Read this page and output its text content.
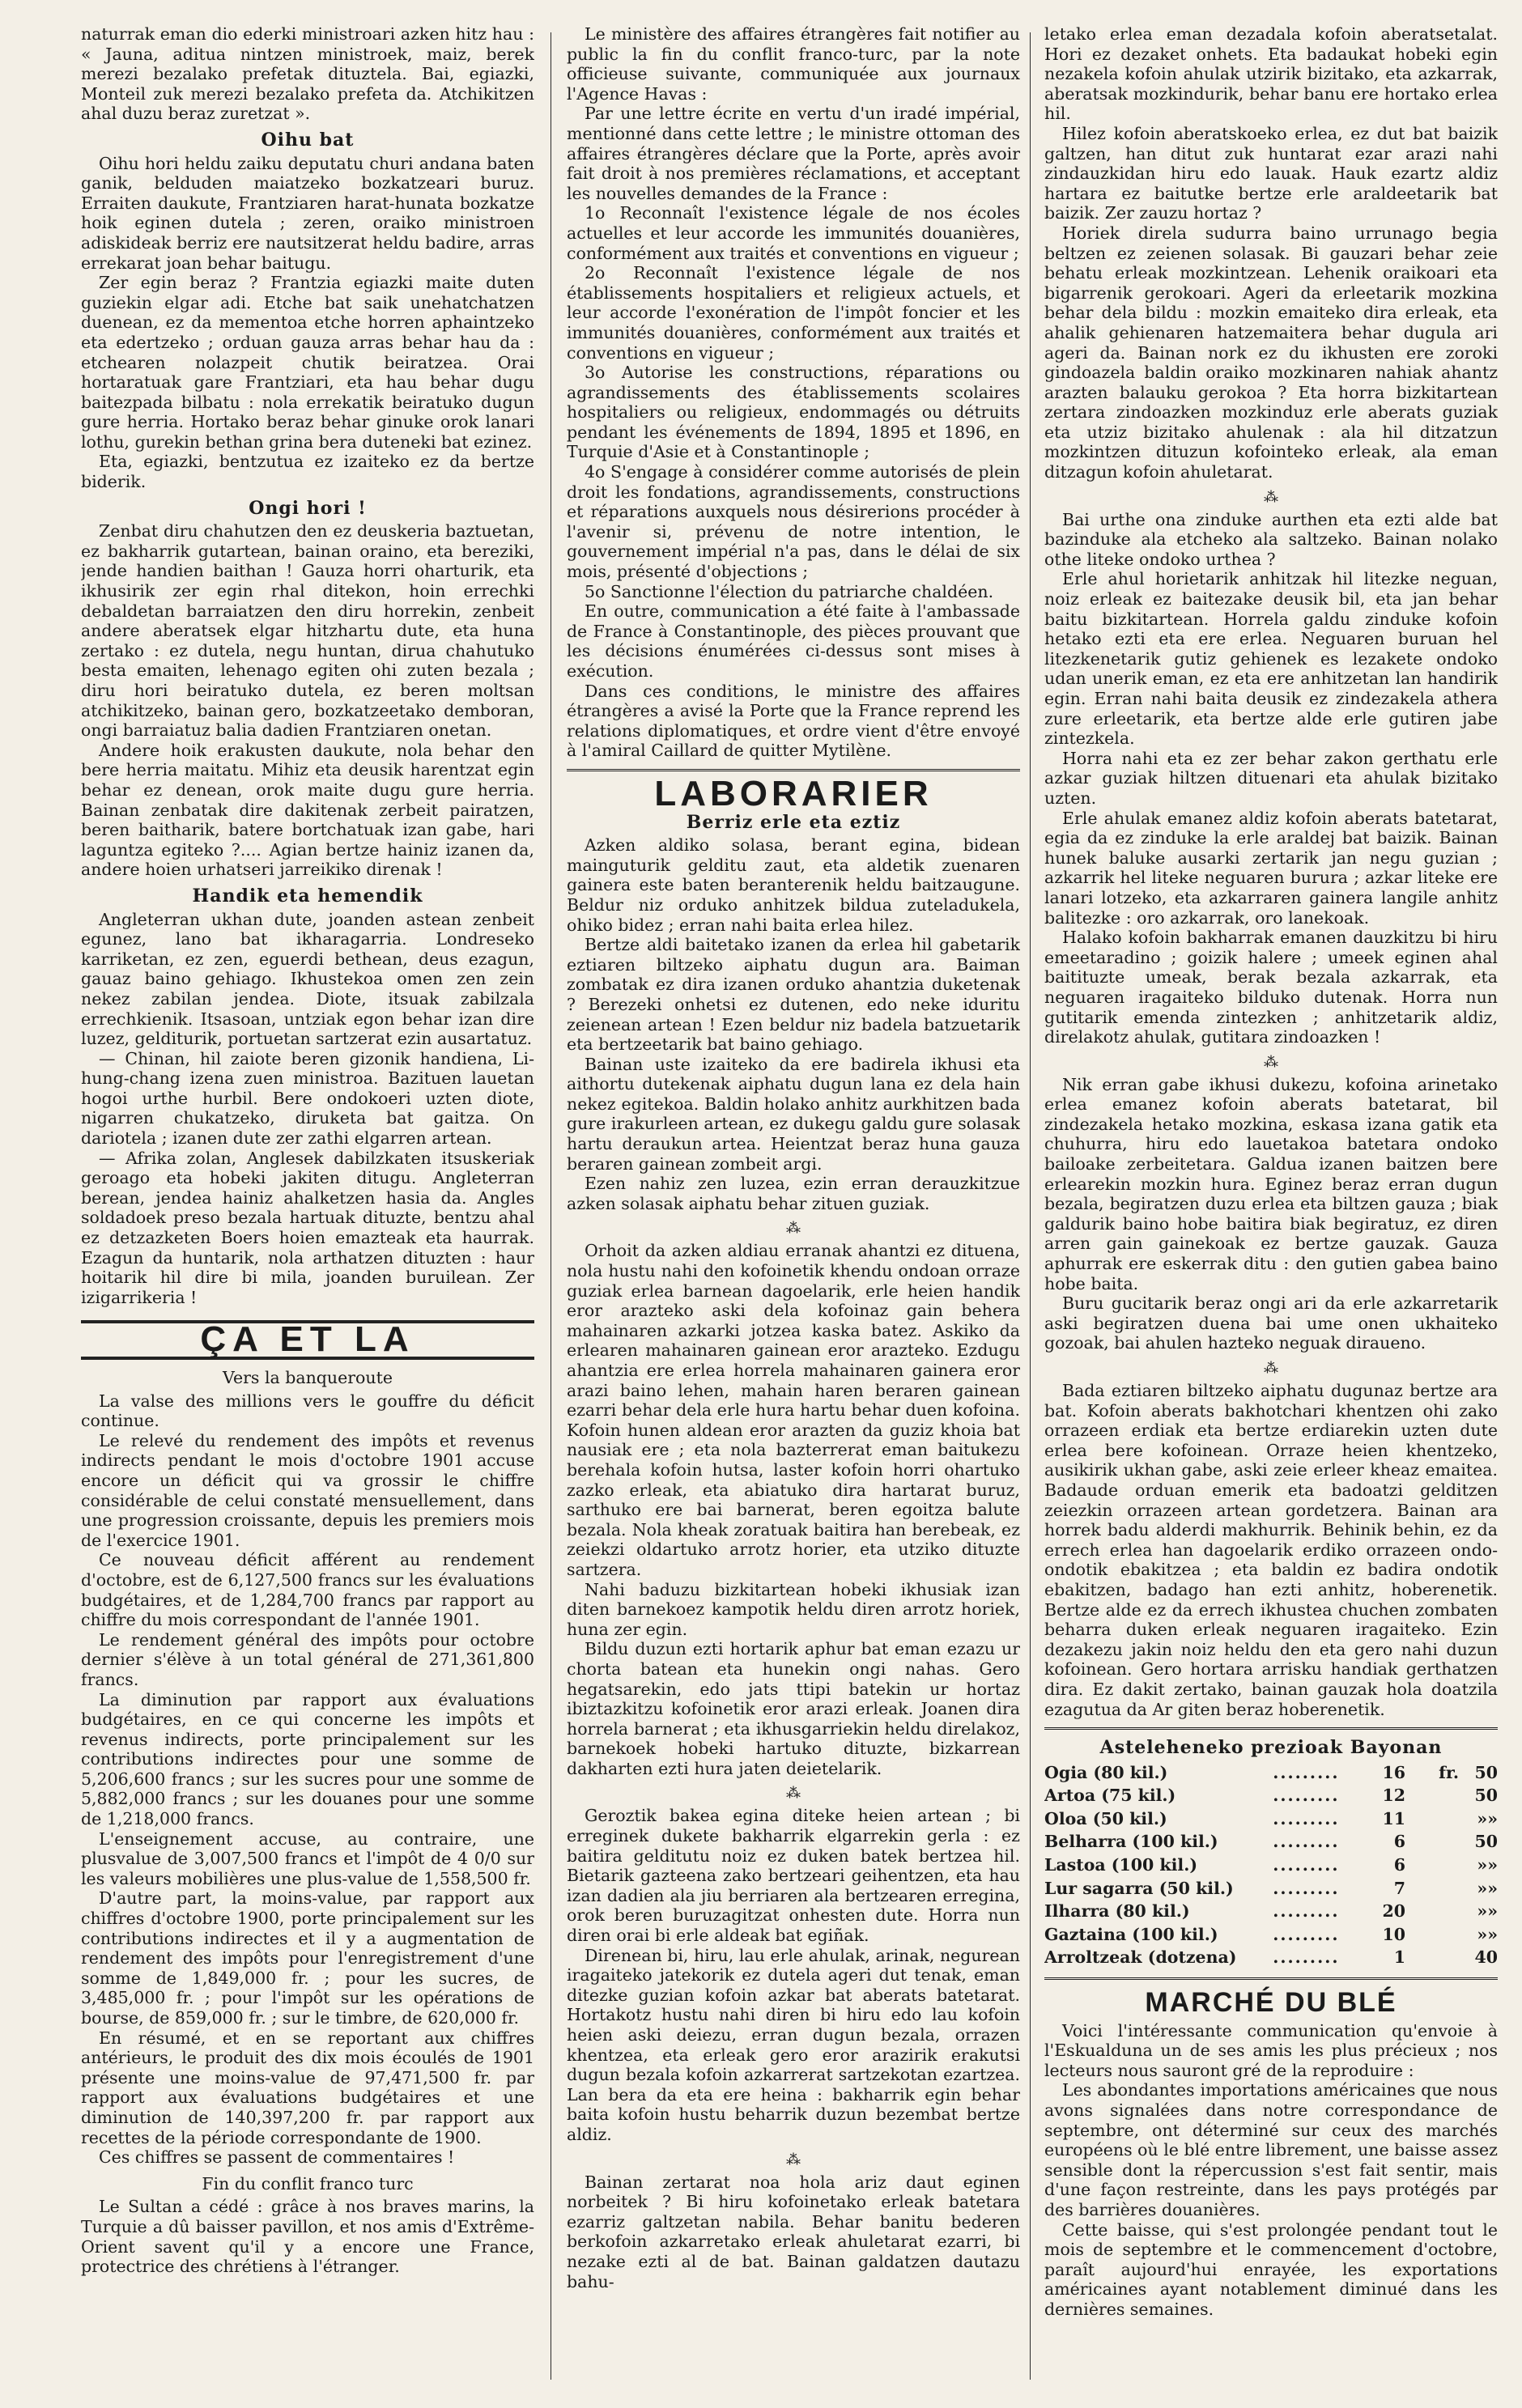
naturrak eman dio ederki ministroari azken hitz hau : « Jauna, aditua nintzen ministroek, maiz, berek merezi bezalako prefetak dituztela. Bai, egiazki, Monteil zuk merezi bezalako prefeta da. Atchikitzen ahal duzu beraz zuretzat ».

Oihu bat

Oihu hori heldu zaiku deputatu churi andana baten ganik, belduden maiatzeko bozkatzeari buruz. Erraiten daukute, Frantziaren harat-hunata bozkatze hoik eginen dutela ; zeren, oraiko ministroen adiskideak berriz ere nautsitzerat heldu badire, arras errekarat joan behar baitugu.

Zer egin beraz ? Frantzia egiazki maite duten guziekin elgar adi. Etche bat saik unehatchatzen duenean, ez da mementoa etche horren aphaintzeko eta edertzeko ; orduan gauza arras behar hau da : etchearen nolazpeit chutik beiratzea. Orai hortaratuak gare Frantziari, eta hau behar dugu baitezpada bilbatu : nola errekatik beiratuko dugun gure herria. Hortako beraz behar ginuke orok lanari lothu, gurekin bethan grina bera duteneki bat ezinez.

Eta, egiazki, bentzutua ez izaiteko ez da bertze biderik.

Ongi hori !

Zenbat diru chahutzen den ez deuskeria baztuetan, ez bakharrik gutartean, bainan oraino, eta bereziki, jende handien baithan ! Gauza horri oharturik, eta ikhusirik zer egin rhal ditekon, hoin errechki debaldetan barraiatzen den diru horrekin, zenbeit andere aberatsek elgar hitzhartu dute, eta huna zertako : ez dutela, negu huntan, dirua chahutuko besta emaiten, lehenago egiten ohi zuten bezala ; diru hori beiratuko dutela, ez beren moltsan atchikitzeko, bainan gero, bozkatzeetako demboran, ongi barraiatuz balia dadien Frantziaren onetan.

Andere hoik erakusten daukute, nola behar den bere herria maitatu. Mihiz eta deusik harentzat egin behar ez denean, orok maite dugu gure herria. Bainan zenbatak dire dakitenak zerbeit pairatzen, beren baitharik, batere bortchatuak izan gabe, hari laguntza egiteko ?.... Agian bertze hainiz izanen da, andere hoien urhatseri jarreikiko direnak !

Handik eta hemendik

Angleterran ukhan dute, joanden astean zenbeit egunez, lano bat ikharagarria. Londreseko karriketan, ez zen, eguerdi bethean, deus ezagun, gauaz baino gehiago. Ikhustekoa omen zen zein nekez zabilan jendea. Diote, itsuak zabilzala errechkienik. Itsasoan, untziak egon behar izan dire luzez, gelditurik, portuetan sartzerat ezin ausartatuz.

— Chinan, hil zaiote beren gizonik handiena, Li-hung-chang izena zuen ministroa. Bazituen lauetan hogoi urthe hurbil. Bere ondokoeri uzten diote, nigarren chukatzeko, diruketa bat gaitza. On dariotela ; izanen dute zer zathi elgarren artean.

— Afrika zolan, Anglesek dabilzkaten itsuskeriak geroago eta hobeki jakiten ditugu. Angleterran berean, jendea hainiz ahalketzen hasia da. Angles soldadoek preso bezala hartuak dituzte, bentzu ahal ez detzazketen Boers hoien emazteak eta haurrak. Ezagun da huntarik, nola arthatzen dituzten : haur hoitarik hil dire bi mila, joanden buruilean. Zer izigarrikeria !

ÇA ET LA
Vers la banqueroute

La valse des millions vers le gouffre du déficit continue.

Le relevé du rendement des impôts et revenus indirects pendant le mois d'octobre 1901 accuse encore un déficit qui va grossir le chiffre considérable de celui constaté mensuellement, dans une progression croissante, depuis les premiers mois de l'exercice 1901.

Ce nouveau déficit afférent au rendement d'octobre, est de 6,127,500 francs sur les évaluations budgétaires, et de 1,284,700 francs par rapport au chiffre du mois correspondant de l'année 1901.

Le rendement général des impôts pour octobre dernier s'élève à un total général de 271,361,800 francs.

La diminution par rapport aux évaluations budgétaires, en ce qui concerne les impôts et revenus indirects, porte principalement sur les contributions indirectes pour une somme de 5,206,600 francs ; sur les sucres pour une somme de 5,882,000 francs ; sur les douanes pour une somme de 1,218,000 francs.

L'enseignement accuse, au contraire, une plusvalue de 3,007,500 francs et l'impôt de 4 0/0 sur les valeurs mobilières une plus-value de 1,558,500 fr.

D'autre part, la moins-value, par rapport aux chiffres d'octobre 1900, porte principalement sur les contributions indirectes et il y a augmentation de rendement des impôts pour l'enregistrement d'une somme de 1,849,000 fr. ; pour les sucres, de 3,485,000 fr. ; pour l'impôt sur les opérations de bourse, de 859,000 fr. ; sur le timbre, de 620,000 fr.

En résumé, et en se reportant aux chiffres antérieurs, le produit des dix mois écoulés de 1901 présente une moins-value de 97,471,500 fr. par rapport aux évaluations budgétaires et une diminution de 140,397,200 fr. par rapport aux recettes de la période correspondante de 1900.

Ces chiffres se passent de commentaires !

Fin du conflit franco turc

Le Sultan a cédé : grâce à nos braves marins, la Turquie a dû baisser pavillon, et nos amis d'Extrême-Orient savent qu'il y a encore une France, protectrice des chrétiens à l'étranger.

Le ministère des affaires étrangères fait notifier au public la fin du conflit franco-turc, par la note officieuse suivante, communiquée aux journaux l'Agence Havas :

Par une lettre écrite en vertu d'un iradé impérial, mentionné dans cette lettre ; le ministre ottoman des affaires étrangères déclare que la Porte, après avoir fait droit à nos premières réclamations, et acceptant les nouvelles demandes de la France :

1o Reconnaît l'existence légale de nos écoles actuelles et leur accorde les immunités douanières, conformément aux traités et conventions en vigueur ;

2o Reconnaît l'existence légale de nos établissements hospitaliers et religieux actuels, et leur accorde l'exonération de l'impôt foncier et les immunités douanières, conformément aux traités et conventions en vigueur ;

3o Autorise les constructions, réparations ou agrandissements des établissements scolaires hospitaliers ou religieux, endommagés ou détruits pendant les événements de 1894, 1895 et 1896, en Turquie d'Asie et à Constantinople ;

4o S'engage à considérer comme autorisés de plein droit les fondations, agrandissements, constructions et réparations auxquels nous désirerions procéder à l'avenir si, prévenu de notre intention, le gouvernement impérial n'a pas, dans le délai de six mois, présenté d'objections ;

5o Sanctionne l'élection du patriarche chaldéen.

En outre, communication a été faite à l'ambassade de France à Constantinople, des pièces prouvant que les décisions énumérées ci-dessus sont mises à exécution.

Dans ces conditions, le ministre des affaires étrangères a avisé la Porte que la France reprend les relations diplomatiques, et ordre vient d'être envoyé à l'amiral Caillard de quitter Mytilène.

LABORARIER
Berriz erle eta eztiz

Azken aldiko solasa, berant egina, bidean mainguturik gelditu zaut, eta aldetik zuenaren gainera este baten beranterenik heldu baitzaugune. Beldur niz orduko anhitzek bildua zuteladukela, ohiko bidez ; erran nahi baita erlea hilez.

Bertze aldi baitetako izanen da erlea hil gabetarik eztiaren biltzeko aiphatu dugun ara. Baiman zombatak ez dira izanen orduko ahantzia duketenak ? Berezeki onhetsi ez dutenen, edo neke iduritu zeienean artean ! Ezen beldur niz badela batzuetarik eta bertzeetarik bat baino gehiago.

Bainan uste izaiteko da ere badirela ikhusi eta aithortu dutekenak aiphatu dugun lana ez dela hain nekez egitekoa. Baldin holako anhitz aurkhitzen bada gure irakurleen artean, ez dukegu galdu gure solasak hartu deraukun artea. Heientzat beraz huna gauza beraren gainean zombeit argi.

Ezen nahiz zen luzea, ezin erran derauzkitzue azken solasak aiphatu behar zituen guziak.

⁂

Orhoit da azken aldiau erranak ahantzi ez dituena, nola hustu nahi den kofoinetik khendu ondoan orraze guziak erlea barnean dagoelarik, erle heien handik eror arazteko aski dela kofoinaz gain behera mahainaren azkarki jotzea kaska batez. Askiko da erlearen mahainaren gainean eror arazteko. Ezdugu ahantzia ere erlea horrela mahainaren gainera eror arazi baino lehen, mahain haren beraren gainean ezarri behar dela erle hura hartu behar duen kofoina. Kofoin hunen aldean eror arazten da guziz khoia bat nausiak ere ; eta nola bazterrerat eman baitukezu berehala kofoin hutsa, laster kofoin horri ohartuko zazko erleak, eta abiatuko dira hartarat buruz, sarthuko ere bai barnerat, beren egoitza balute bezala. Nola kheak zoratuak baitira han berebeak, ez zeiekzi oldartuko arrotz horier, eta utziko dituzte sartzera.

Nahi baduzu bizkitartean hobeki ikhusiak izan diten barnekoez kampotik heldu diren arrotz horiek, huna zer egin.

Bildu duzun ezti hortarik aphur bat eman ezazu ur chorta batean eta hunekin ongi nahas. Gero hegatsarekin, edo jats ttipi batekin ur hortaz ibiztazkitzu kofoinetik eror arazi erleak. Joanen dira horrela barnerat ; eta ikhusgarriekin heldu direlakoz, barnekoek hobeki hartuko dituzte, bizkarrean dakharten ezti hura jaten deietelarik.

⁂

Geroztik bakea egina diteke heien artean ; bi erreginek dukete bakharrik elgarrekin gerla : ez baitira gelditutu noiz ez duken batek bertzea hil. Bietarik gazteena zako bertzeari geihentzen, eta hau izan dadien ala jiu berriaren ala bertzearen erregina, orok beren buruzagitzat onhesten dute. Horra nun diren orai bi erle aldeak bat egiñak.

Direnean bi, hiru, lau erle ahulak, arinak, negurean iragaiteko jatekorik ez dutela ageri dut tenak, eman ditezke guzian kofoin azkar bat aberats batetarat. Hortakotz hustu nahi diren bi hiru edo lau kofoin heien aski deiezu, erran dugun bezala, orrazen khentzea, eta erleak gero eror arazirik erakutsi dugun bezala kofoin azkarrerat sartzekotan ezartzea. Lan bera da eta ere heina : bakharrik egin behar baita kofoin hustu beharrik duzun bezembat bertze aldiz.

⁂

Bainan zertarat noa hola ariz daut eginen norbeitek ? Bi hiru kofoinetako erleak batetara ezarriz galtzetan nabila. Behar banitu bederen berkofoin azkarretako erleak ahuletarat ezarri, bi nezake ezti al de bat. Bainan galdatzen dautazu bahu-

letako erlea eman dezadala kofoin aberatsetalat. Hori ez dezaket onhets. Eta badaukat hobeki egin nezakela kofoin ahulak utzirik bizitako, eta azkarrak, aberatsak mozkindurik, behar banu ere hortako erlea hil.

Hilez kofoin aberatskoeko erlea, ez dut bat baizik galtzen, han ditut zuk huntarat ezar arazi nahi zindauzkidan hiru edo lauak. Hauk ezartz aldiz hartara ez baitutke bertze erle araldeetarik bat baizik. Zer zauzu hortaz ?

Horiek direla sudurra baino urrunago begia beltzen ez zeienen solasak. Bi gauzari behar zeie behatu erleak mozkintzean. Lehenik oraikoari eta bigarrenik gerokoari. Ageri da erleetarik mozkina behar dela bildu : mozkin emaiteko dira erleak, eta ahalik gehienaren hatzemaitera behar dugula ari ageri da. Bainan nork ez du ikhusten ere zoroki gindoazela baldin oraiko mozkinaren nahiak ahantz arazten balauku gerokoa ? Eta horra bizkitartean zertara zindoazken mozkinduz erle aberats guziak eta utziz bizitako ahulenak : ala hil ditzatzun mozkintzen dituzun kofointeko erleak, ala eman ditzagun kofoin ahuletarat.

⁂

Bai urthe ona zinduke aurthen eta ezti alde bat bazinduke ala etcheko ala saltzeko. Bainan nolako othe liteke ondoko urthea ?

Erle ahul horietarik anhitzak hil litezke neguan, noiz erleak ez baitezake deusik bil, eta jan behar baitu bizkitartean. Horrela galdu zinduke kofoin hetako ezti eta ere erlea. Neguaren buruan hel litezkenetarik gutiz gehienek es lezakete ondoko udan unerik eman, ez eta ere anhitzetan lan handirik egin. Erran nahi baita deusik ez zindezakela athera zure erleetarik, eta bertze alde erle gutiren jabe zintezkela.

Horra nahi eta ez zer behar zakon gerthatu erle azkar guziak hiltzen dituenari eta ahulak bizitako uzten.

Erle ahulak emanez aldiz kofoin aberats batetarat, egia da ez zinduke la erle araldej bat baizik. Bainan hunek baluke ausarki zertarik jan negu guzian ; azkarrik hel liteke neguaren burura ; azkar liteke ere lanari lotzeko, eta azkarraren gainera langile anhitz balitezke : oro azkarrak, oro lanekoak.

Halako kofoin bakharrak emanen dauzkitzu bi hiru emeetaradino ; goizik halere ; umeek eginen ahal baitituzte umeak, berak bezala azkarrak, eta neguaren iragaiteko bilduko dutenak. Horra nun gutitarik emenda zintezken ; anhitzetarik aldiz, direlakotz ahulak, gutitara zindoazken !

⁂

Nik erran gabe ikhusi dukezu, kofoina arinetako erlea emanez kofoin aberats batetarat, bil zindezakela hetako mozkina, eskasa izana gatik eta chuhurra, hiru edo lauetakoa batetara ondoko bailoake zerbeitetara. Galdua izanen baitzen bere erlearekin mozkin hura. Eginez beraz erran dugun bezala, begiratzen duzu erlea eta biltzen gauza ; biak galdurik baino hobe baitira biak begiratuz, ez diren arren gain gainekoak ez bertze gauzak. Gauza aphurrak ere eskerrak ditu : den gutien gabea baino hobe baita.

Buru gucitarik beraz ongi ari da erle azkarretarik aski begiratzen duena bai ume onen ukhaiteko gozoak, bai ahulen hazteko neguak diraueno.

⁂

Bada eztiaren biltzeko aiphatu dugunaz bertze ara bat. Kofoin aberats bakhotchari khentzen ohi zako orrazeen erdiak eta bertze erdiarekin uzten dute erlea bere kofoinean. Orraze heien khentzeko, ausikirik ukhan gabe, aski zeie erleer kheaz emaitea. Badaude orduan emerik eta badoatzi gelditzen zeiezkin orrazeen artean gordetzera. Bainan ara horrek badu alderdi makhurrik. Behinik behin, ez da errech erlea han dagoelarik erdiko orrazeen ondo-ondotik ebakitzea ; eta baldin ez badira ondotik ebakitzen, badago han ezti anhitz, hoberenetik. Bertze alde ez da errech ikhustea chuchen zombaten beharra duken erleak neguaren iragaiteko. Ezin dezakezu jakin noiz heldu den eta gero nahi duzun kofoinean. Gero hortara arrisku handiak gerthatzen dira. Ez dakit zertako, bainan gauzak hola doatzila ezagutua da Ar giten beraz hoberenetik.

Asteleheneko prezioak Bayonan
Ogia (80 kil.)	.........	16	fr.	50
Artoa (75 kil.)	.........	12		50
Oloa (50 kil.)	.........	11		»»
Belharra (100 kil.)	.........	6		50
Lastoa (100 kil.)	.........	6		»»
Lur sagarra (50 kil.)	.........	7		»»
Ilharra (80 kil.)	.........	20		»»
Gaztaina (100 kil.)	.........	10		»»
Arroltzeak (dotzena)	.........	1		40
MARCHÉ DU BLÉ

Voici l'intéressante communication qu'envoie à l'Eskualduna un de ses amis les plus précieux ; nos lecteurs nous sauront gré de la reproduire :

Les abondantes importations américaines que nous avons signalées dans notre correspondance de septembre, ont déterminé sur ceux des marchés européens où le blé entre librement, une baisse assez sensible dont la répercussion s'est fait sentir, mais d'une façon restreinte, dans les pays protégés par des barrières douanières.

Cette baisse, qui s'est prolongée pendant tout le mois de septembre et le commencement d'octobre, paraît aujourd'hui enrayée, les exportations américaines ayant notablement diminué dans les dernières semaines.
